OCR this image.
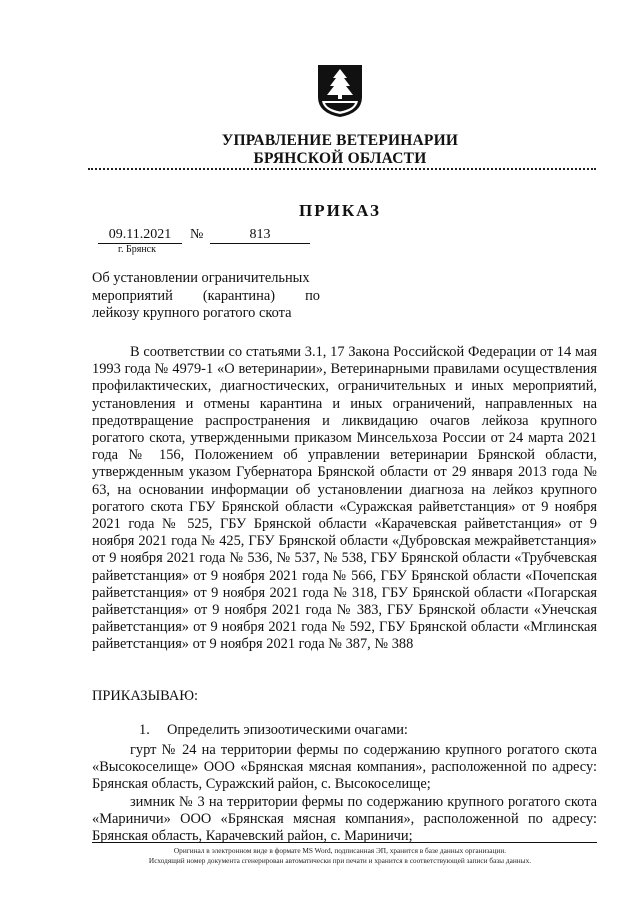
УПРАВЛЕНИЕ ВЕТЕРИНАРИИ
БРЯНСКОЙ ОБЛАСТИ
ПРИКАЗ
09.11.2021	№	813
г. Брянск
Об установлении ограничительных
мероприятий (карантина) по
лейкозу крупного рогатого скота
В соответствии со статьями 3.1, 17 Закона Российской Федерации от 14 мая 1993 года № 4979-1 «О ветеринарии», Ветеринарными правилами осуществления профилактических, диагностических, ограничительных и иных мероприятий, установления и отмены карантина и иных ограничений, направленных на предотвращение распространения и ликвидацию очагов лейкоза крупного рогатого скота, утвержденными приказом Минсельхоза России от 24 марта 2021 года № 156, Положением об управлении ветеринарии Брянской области, утвержденным указом Губернатора Брянской области от 29 января 2013 года № 63, на основании информации об установлении диагноза на лейкоз крупного рогатого скота ГБУ Брянской области «Суражская райветстанция» от 9 ноября 2021 года № 525, ГБУ Брянской области «Карачевская райветстанция» от 9 ноября 2021 года № 425, ГБУ Брянской области «Дубровская межрайветстанция» от 9 ноября 2021 года № 536, № 537, № 538, ГБУ Брянской области «Трубчевская райветстанция» от 9 ноября 2021 года № 566, ГБУ Брянской области «Почепская райветстанция» от 9 ноября 2021 года № 318, ГБУ Брянской области «Погарская райветстанция» от 9 ноября 2021 года № 383, ГБУ Брянской области «Унечская райветстанция» от 9 ноября 2021 года № 592, ГБУ Брянской области «Мглинская райветстанция» от 9 ноября 2021 года № 387, № 388
ПРИКАЗЫВАЮ:
1. Определить эпизоотическими очагами:
гурт № 24 на территории фермы по содержанию крупного рогатого скота «Высокоселище» ООО «Брянская мясная компания», расположенной по адресу: Брянская область, Суражский район, с. Высокоселище;
зимник № 3 на территории фермы по содержанию крупного рогатого скота «Мариничи» ООО «Брянская мясная компания», расположенной по адресу: Брянская область, Карачевский район, с. Мариничи;
Оригинал в электронном виде в формате MS Word, подписанная ЭП, хранится в базе данных организации.
Исходящий номер документа сгенерирован автоматически при печати и хранится в соответствующей записи базы данных.
